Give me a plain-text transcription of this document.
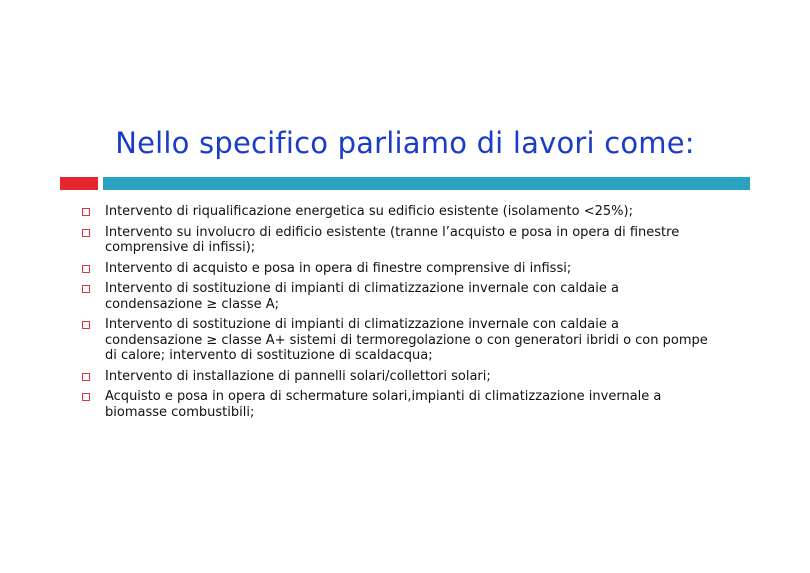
Nello specifico parliamo di lavori come:
Intervento di riqualificazione energetica su edificio esistente (isolamento <25%);
Intervento su involucro di edificio esistente (tranne l’acquisto e posa in opera di finestre comprensive di infissi);
Intervento di acquisto e posa in opera di finestre comprensive di infissi;
Intervento di sostituzione di impianti di climatizzazione invernale con caldaie a condensazione ≥ classe A;
Intervento di sostituzione di impianti di climatizzazione invernale con caldaie a condensazione ≥ classe A+ sistemi di termoregolazione o con generatori ibridi o con pompe di calore; intervento di sostituzione di scaldacqua;
Intervento di installazione di pannelli solari/collettori solari;
Acquisto e posa in opera di schermature solari,impianti di climatizzazione invernale a biomasse combustibili;
